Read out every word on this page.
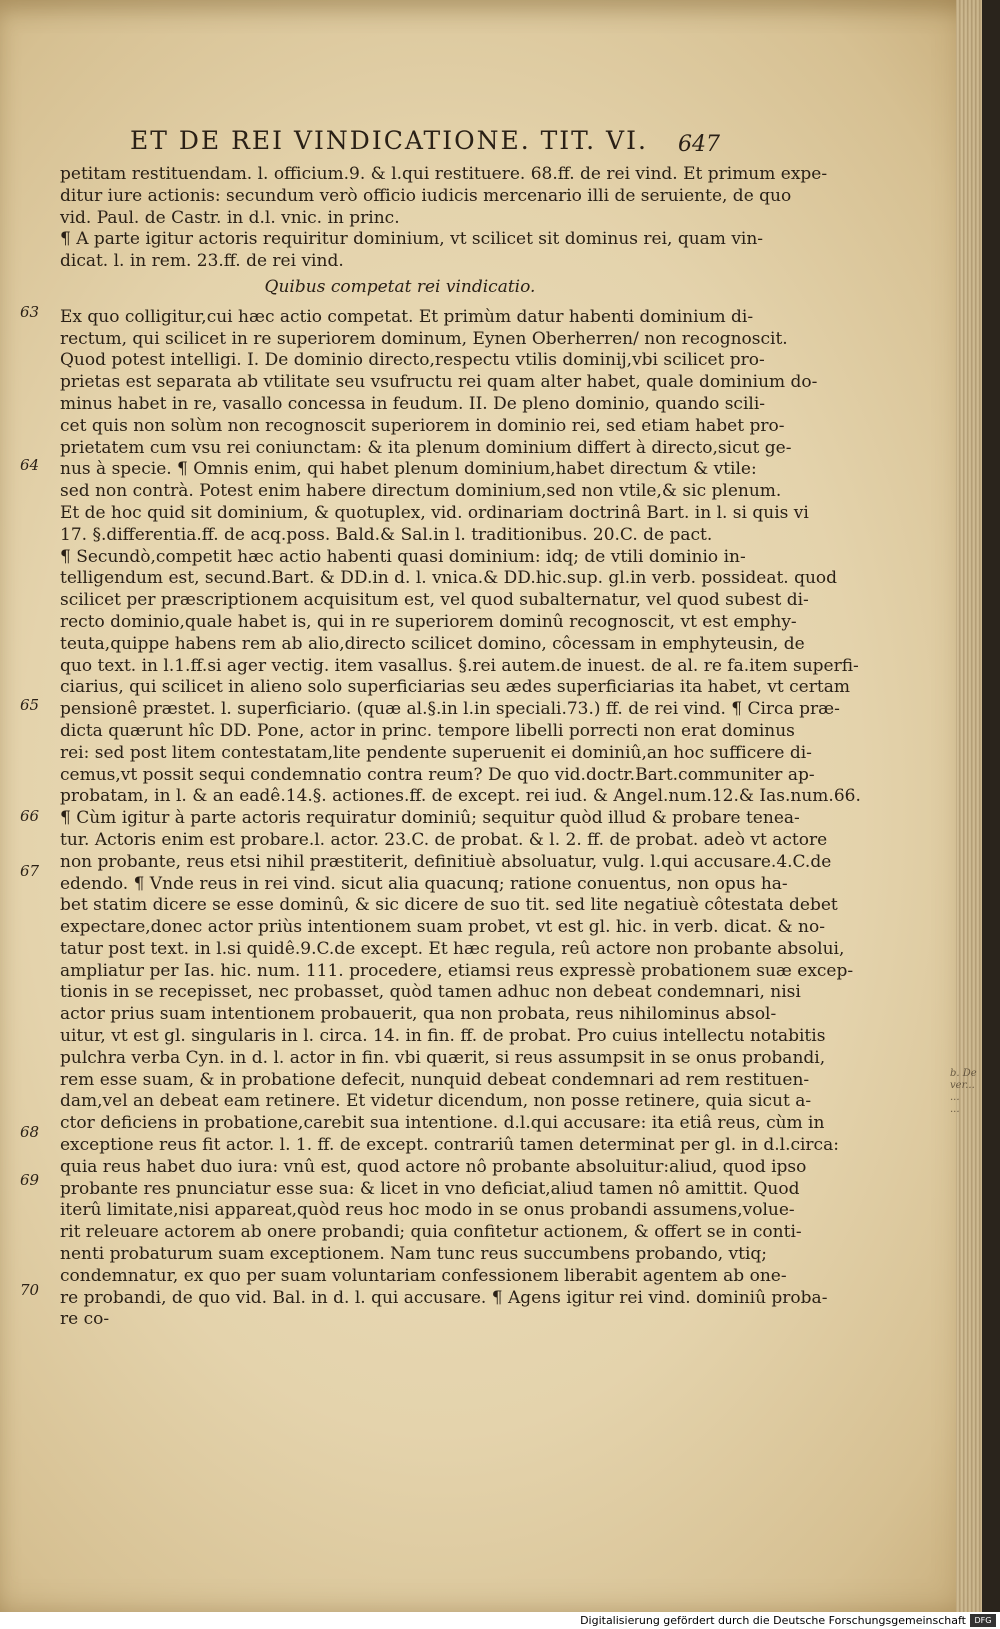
ET DE REI VINDICATIONE. TIT. VI.	647
petitam restituendam. l. officium.9. & l.qui restituere. 68.ff. de rei vind. Et primum expe-
ditur iure actionis: secundum verò officio iudicis mercenario illi de seruiente, de quo
vid. Paul. de Castr. in d.l. vnic. in princ.
¶ A parte igitur actoris requiritur dominium, vt scilicet sit dominus rei, quam vin-
dicat. l. in rem. 23.ff. de rei vind.
Quibus competat rei vindicatio.
Ex quo colligitur,cui hæc actio competat. Et primùm datur habenti dominium di-
rectum, qui scilicet in re superiorem dominum, Eynen Oberherren/ non recognoscit.
Quod potest intelligi. I. De dominio directo,respectu vtilis dominij,vbi scilicet pro-
prietas est separata ab vtilitate seu vsufructu rei quam alter habet, quale dominium do-
minus habet in re, vasallo concessa in feudum. II. De pleno dominio, quando scili-
cet quis non solùm non recognoscit superiorem in dominio rei, sed etiam habet pro-
prietatem cum vsu rei coniunctam: & ita plenum dominium differt à directo,sicut ge-
nus à specie. ¶ Omnis enim, qui habet plenum dominium,habet directum & vtile:
sed non contrà. Potest enim habere directum dominium,sed non vtile,& sic plenum.
Et de hoc quid sit dominium, & quotuplex, vid. ordinariam doctrinâ Bart. in l. si quis vi
17. §.differentia.ff. de acq.poss. Bald.& Sal.in l. traditionibus. 20.C. de pact.
¶ Secundò,competit hæc actio habenti quasi dominium: idq; de vtili dominio in-
telligendum est, secund.Bart. & DD.in d. l. vnica.& DD.hic.sup. gl.in verb. possideat. quod
scilicet per præscriptionem acquisitum est, vel quod subalternatur, vel quod subest di-
recto dominio,quale habet is, qui in re superiorem dominû recognoscit, vt est emphy-
teuta,quippe habens rem ab alio,directo scilicet domino, côcessam in emphyteusin, de
quo text. in l.1.ff.si ager vectig. item vasallus. §.rei autem.de inuest. de al. re fa.item superfi-
ciarius, qui scilicet in alieno solo superficiarias seu ædes superficiarias ita habet, vt certam
pensionê præstet. l. superficiario. (quæ al.§.in l.in speciali.73.) ff. de rei vind. ¶ Circa præ-
dicta quærunt hîc DD. Pone, actor in princ. tempore libelli porrecti non erat dominus
rei: sed post litem contestatam,lite pendente superuenit ei dominiû,an hoc sufficere di-
cemus,vt possit sequi condemnatio contra reum? De quo vid.doctr.Bart.communiter ap-
probatam, in l. & an eadê.14.§. actiones.ff. de except. rei iud. & Angel.num.12.& Ias.num.66.
¶ Cùm igitur à parte actoris requiratur dominiû; sequitur quòd illud & probare tenea-
tur. Actoris enim est probare.l. actor. 23.C. de probat. & l. 2. ff. de probat. adeò vt actore
non probante, reus etsi nihil præstiterit, definitiuè absoluatur, vulg. l.qui accusare.4.C.de
edendo. ¶ Vnde reus in rei vind. sicut alia quacunq; ratione conuentus, non opus ha-
bet statim dicere se esse dominû, & sic dicere de suo tit. sed lite negatiuè côtestata debet
expectare,donec actor priùs intentionem suam probet, vt est gl. hic. in verb. dicat. & no-
tatur post text. in l.si quidê.9.C.de except. Et hæc regula, reû actore non probante absolui,
ampliatur per Ias. hic. num. 111. procedere, etiamsi reus expressè probationem suæ excep-
tionis in se recepisset, nec probasset, quòd tamen adhuc non debeat condemnari, nisi
actor prius suam intentionem probauerit, qua non probata, reus nihilominus absol-
uitur, vt est gl. singularis in l. circa. 14. in fin. ff. de probat. Pro cuius intellectu notabitis
pulchra verba Cyn. in d. l. actor in fin. vbi quærit, si reus assumpsit in se onus probandi,
rem esse suam, & in probatione defecit, nunquid debeat condemnari ad rem restituen-
dam,vel an debeat eam retinere. Et videtur dicendum, non posse retinere, quia sicut a-
ctor deficiens in probatione,carebit sua intentione. d.l.qui accusare: ita etiâ reus, cùm in
exceptione reus fit actor. l. 1. ff. de except. contrariû tamen determinat per gl. in d.l.circa:
quia reus habet duo iura: vnû est, quod actore nô probante absoluitur:aliud, quod ipso
probante res pnunciatur esse sua: & licet in vno deficiat,aliud tamen nô amittit. Quod
iterû limitate,nisi appareat,quòd reus hoc modo in se onus probandi assumens,volue-
rit releuare actorem ab onere probandi; quia confitetur actionem, & offert se in conti-
nenti probaturum suam exceptionem. Nam tunc reus succumbens probando, vtiq;
condemnatur, ex quo per suam voluntariam confessionem liberabit agentem ab one-
re probandi, de quo vid. Bal. in d. l. qui accusare. ¶ Agens igitur rei vind. dominiû proba-
re co-
63
64
65
66
67
68
69
70
b. De
ver...
...
...
Digitalisierung gefördert durch die Deutsche Forschungsgemeinschaft	DFG
